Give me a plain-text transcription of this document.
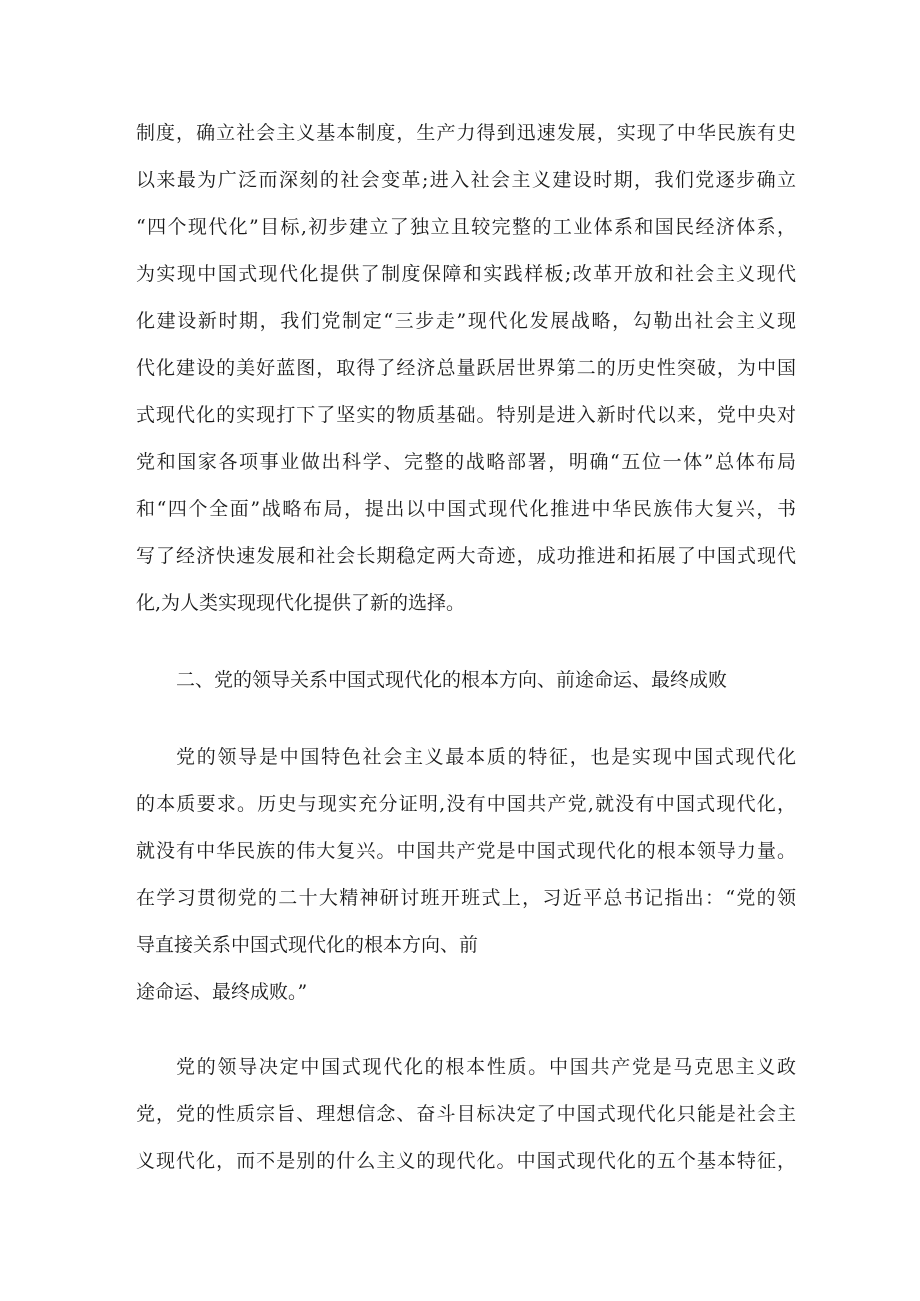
制度，确立社会主义基本制度，生产力得到迅速发展，实现了中华民族有史
以来最为广泛而深刻的社会变革;进入社会主义建设时期，我们党逐步确立
“四个现代化”目标,初步建立了独立且较完整的工业体系和国民经济体系，
为实现中国式现代化提供了制度保障和实践样板;改革开放和社会主义现代
化建设新时期，我们党制定“三步走”现代化发展战略，勾勒出社会主义现
代化建设的美好蓝图，取得了经济总量跃居世界第二的历史性突破，为中国
式现代化的实现打下了坚实的物质基础。特别是进入新时代以来，党中央对
党和国家各项事业做出科学、完整的战略部署，明确“五位一体”总体布局
和“四个全面”战略布局，提出以中国式现代化推进中华民族伟大复兴，书
写了经济快速发展和社会长期稳定两大奇迹，成功推进和拓展了中国式现代
化,为人类实现现代化提供了新的选择。
二、党的领导关系中国式现代化的根本方向、前途命运、最终成败
党的领导是中国特色社会主义最本质的特征，也是实现中国式现代化
的本质要求。历史与现实充分证明,没有中国共产党,就没有中国式现代化，
就没有中华民族的伟大复兴。中国共产党是中国式现代化的根本领导力量。
在学习贯彻党的二十大精神研讨班开班式上，习近平总书记指出：“党的领
导直接关系中国式现代化的根本方向、前
途命运、最终成败。”
党的领导决定中国式现代化的根本性质。中国共产党是马克思主义政
党，党的性质宗旨、理想信念、奋斗目标决定了中国式现代化只能是社会主
义现代化，而不是别的什么主义的现代化。中国式现代化的五个基本特征，
